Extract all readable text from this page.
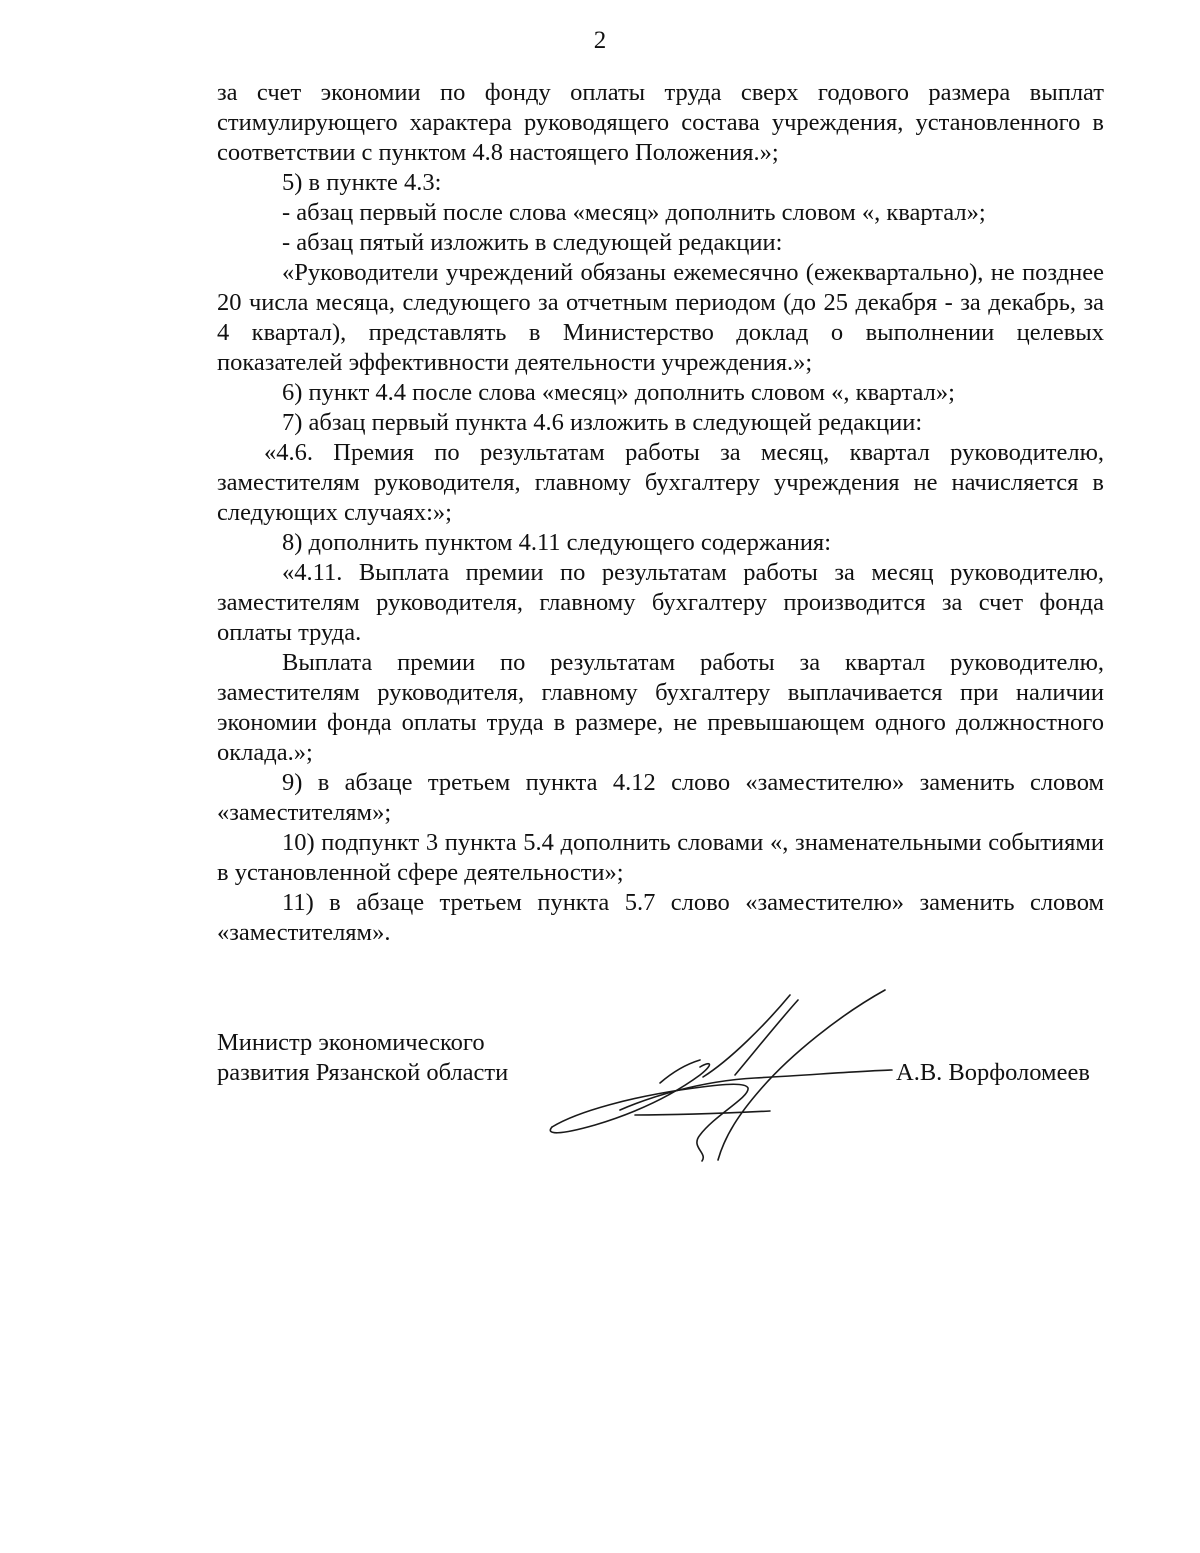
2

за счет экономии по фонду оплаты труда сверх годового размера выплат стимулирующего характера руководящего состава учреждения, установленного в соответствии с пунктом 4.8 настоящего Положения.»;

5) в пункте 4.3:

- абзац первый после слова «месяц» дополнить словом «, квартал»;

- абзац пятый изложить в следующей редакции:

«Руководители учреждений обязаны ежемесячно (ежеквартально), не позднее 20 числа месяца, следующего за отчетным периодом (до 25 декабря - за декабрь, за 4 квартал), представлять в Министерство доклад о выполнении целевых показателей эффективности деятельности учреждения.»;

6) пункт 4.4 после слова «месяц» дополнить словом «, квартал»;

7) абзац первый пункта 4.6 изложить в следующей редакции:

«4.6. Премия по результатам работы за месяц, квартал руководителю, заместителям руководителя, главному бухгалтеру учреждения не начисляется в следующих случаях:»;

8) дополнить пунктом 4.11 следующего содержания:

«4.11. Выплата премии по результатам работы за месяц руководителю, заместителям руководителя, главному бухгалтеру производится за счет фонда оплаты труда.

Выплата премии по результатам работы за квартал руководителю, заместителям руководителя, главному бухгалтеру выплачивается при наличии экономии фонда оплаты труда в размере, не превышающем одного должностного оклада.»;

9) в абзаце третьем пункта 4.12 слово «заместителю» заменить словом «заместителям»;

10) подпункт 3 пункта 5.4 дополнить словами «, знаменательными событиями в установленной сфере деятельности»;

11) в абзаце третьем пункта 5.7 слово «заместителю» заменить словом «заместителям».

Министр экономического
развития Рязанской области	А.В. Ворфоломеев
